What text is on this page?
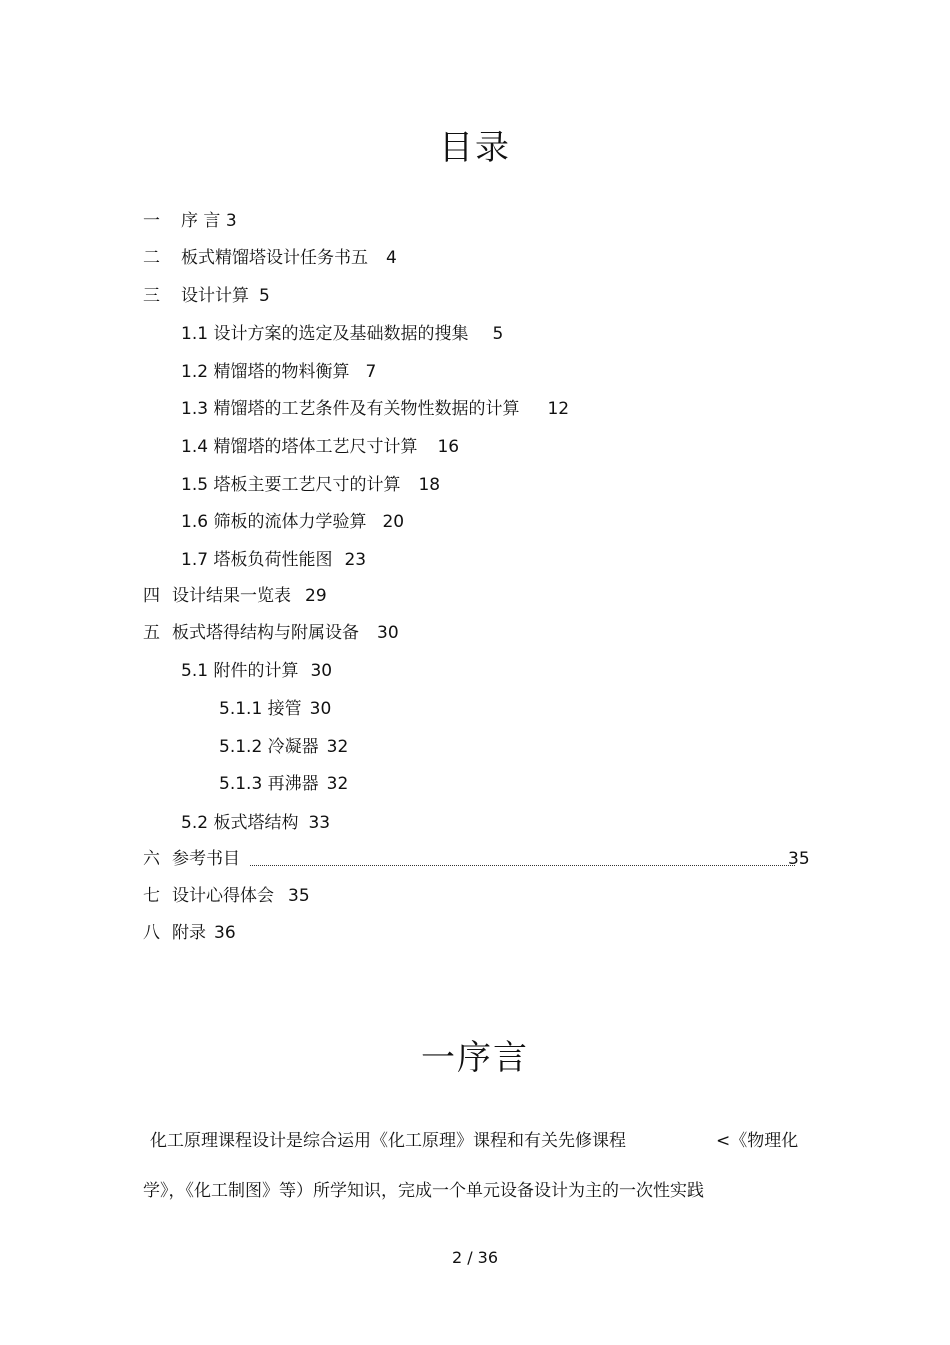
目录
一 序 言 3
二 板式精馏塔设计任务书五 4
三 设计计算 5
1.1 设计方案的选定及基础数据的搜集 5
1.2 精馏塔的物料衡算 7
1.3 精馏塔的工艺条件及有关物性数据的计算 12
1.4 精馏塔的塔体工艺尺寸计算 16
1.5 塔板主要工艺尺寸的计算 18
1.6 筛板的流体力学验算 20
1.7 塔板负荷性能图 23
四 设计结果一览表 29
五 板式塔得结构与附属设备 30
5.1 附件的计算 30
5.1.1 接管 30
5.1.2 冷凝器 32
5.1.3 再沸器 32
5.2 板式塔结构 33
六 参考书目	35
七 设计心得体会 35
八 附录 36
一序言
化工原理课程设计是综合运用《化工原理》课程和有关先修课程	<《物理化
学》，《化工制图》等）所学知识，完成一个单元设备设计为主的一次性实践
2 / 36
